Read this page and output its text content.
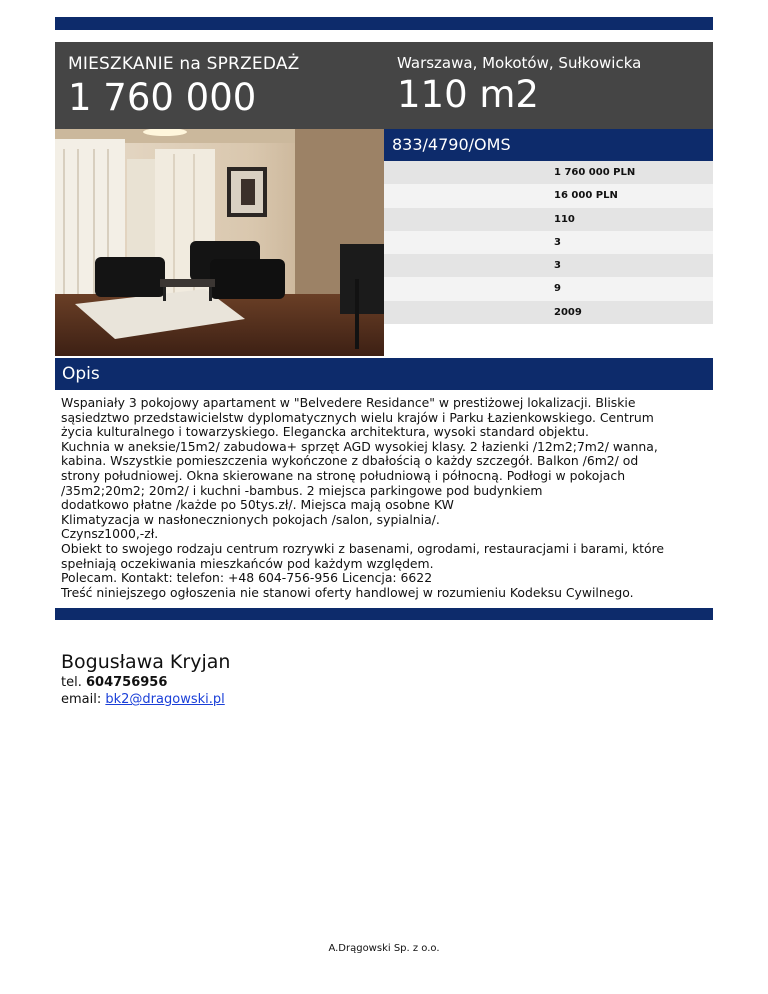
MIESZKANIE na SPRZEDAŻ
1 760 000
Warszawa, Mokotów, Sułkowicka
110 m2
833/4790/OMS
1 760 000 PLN
16 000 PLN
110
3
3
9
2009
Opis
Wspaniały 3 pokojowy apartament w "Belvedere Residance" w prestiżowej lokalizacji. Bliskie
sąsiedztwo przedstawicielstw dyplomatycznych wielu krajów i Parku Łazienkowskiego. Centrum
życia kulturalnego i towarzyskiego. Elegancka architektura, wysoki standard objektu.
Kuchnia w aneksie/15m2/ zabudowa+ sprzęt AGD wysokiej klasy. 2 łazienki /12m2;7m2/ wanna,
kabina. Wszystkie pomieszczenia wykończone z dbałością o każdy szczegół. Balkon /6m2/ od
strony południowej. Okna skierowane na stronę południową i północną. Podłogi w pokojach
/35m2;20m2; 20m2/ i kuchni -bambus. 2 miejsca parkingowe pod budynkiem
dodatkowo płatne /każde po 50tys.zł/. Miejsca mają osobne KW
Klimatyzacja w nasłonecznionych pokojach /salon, sypialnia/.
Czynsz1000,-zł.
Obiekt to swojego rodzaju centrum rozrywki z basenami, ogrodami, restauracjami i barami, które
spełniają oczekiwania mieszkańców pod każdym względem.
Polecam. Kontakt: telefon: +48 604-756-956 Licencja: 6622
Treść niniejszego ogłoszenia nie stanowi oferty handlowej w rozumieniu Kodeksu Cywilnego.
Bogusława Kryjan
tel. 604756956
email: bk2@dragowski.pl
A.Drągowski Sp. z o.o.
